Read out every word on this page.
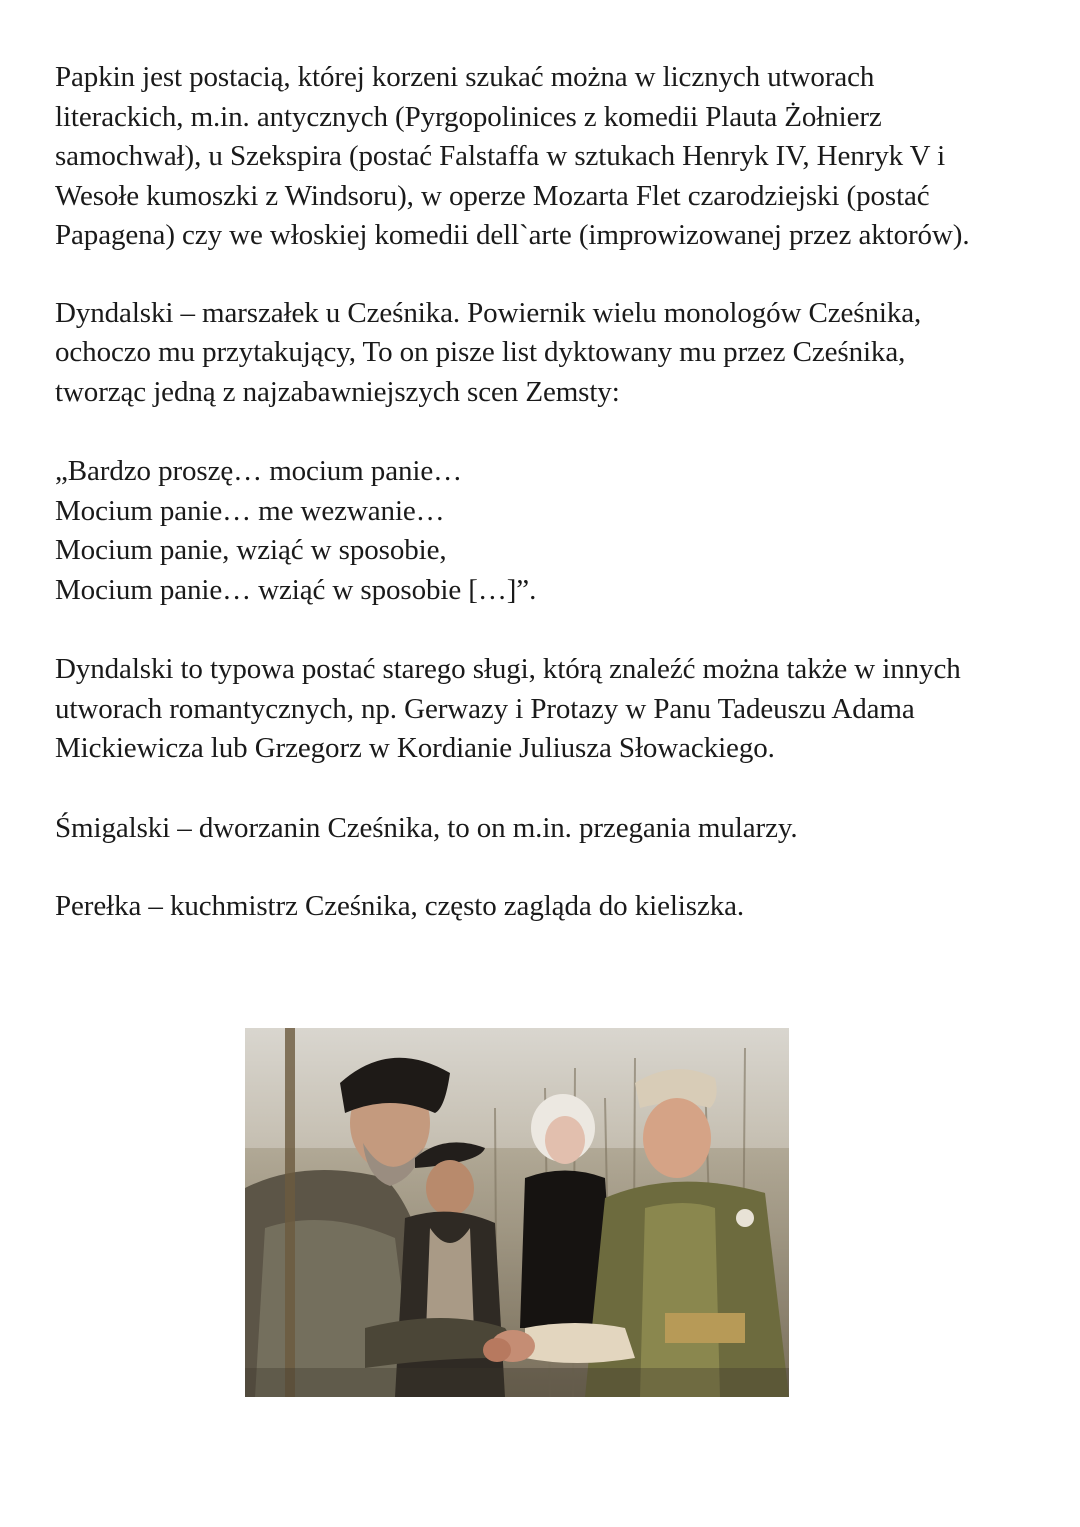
Papkin jest postacią, której korzeni szukać można w licznych utworach
literackich, m.in. antycznych (Pyrgopolinices z komedii Plauta Żołnierz
samochwał), u Szekspira (postać Falstaffa w sztukach Henryk IV, Henryk V i
Wesołe kumoszki z Windsoru), w operze Mozarta Flet czarodziejski (postać
Papagena) czy we włoskiej komedii dell`arte (improwizowanej przez aktorów).

Dyndalski – marszałek u Cześnika. Powiernik wielu monologów Cześnika,
ochoczo mu przytakujący, To on pisze list dyktowany mu przez Cześnika,
tworząc jedną z najzabawniejszych scen Zemsty:

„Bardzo proszę… mocium panie…
Mocium panie… me wezwanie…
Mocium panie, wziąć w sposobie,
Mocium panie… wziąć w sposobie […]”.

Dyndalski to typowa postać starego sługi, którą znaleźć można także w innych
utworach romantycznych, np. Gerwazy i Protazy w Panu Tadeuszu Adama
Mickiewicza lub Grzegorz w Kordianie Juliusza Słowackiego.

Śmigalski – dworzanin Cześnika, to on m.in. przegania mularzy.

Perełka – kuchmistrz Cześnika, często zagląda do kieliszka.
